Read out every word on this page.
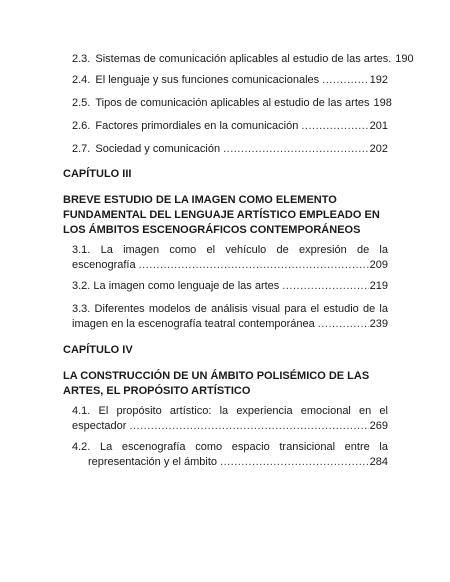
2.3. Sistemas de comunicación aplicables al estudio de las artes. 190
2.4. El lenguaje y sus funciones comunicacionales .....	192
2.5. Tipos de comunicación aplicables al estudio de las artes 198
2.6. Factores primordiales en la comunicación .....	201
2.7. Sociedad y comunicación .....	202
CAPÍTULO III
BREVE ESTUDIO DE LA IMAGEN COMO ELEMENTO FUNDAMENTAL DEL LENGUAJE ARTÍSTICO EMPLEADO EN LOS ÁMBITOS ESCENOGRÁFICOS CONTEMPORÁNEOS
3.1. La imagen como el vehículo de expresión de la
escenografía .....	209
3.2. La imagen como lenguaje de las artes .....	219
3.3. Diferentes modelos de análisis visual para el estudio de la
imagen en la escenografía teatral contemporánea .....	239
CAPÍTULO IV
LA CONSTRUCCIÓN DE UN ÁMBITO POLISÉMICO DE LAS ARTES, EL PROPÓSITO ARTÍSTICO
4.1. El propósito artístico: la experiencia emocional en el
espectador .....	269
4.2. La escenografía como espacio transicional entre la
representación y el ámbito .....	284
